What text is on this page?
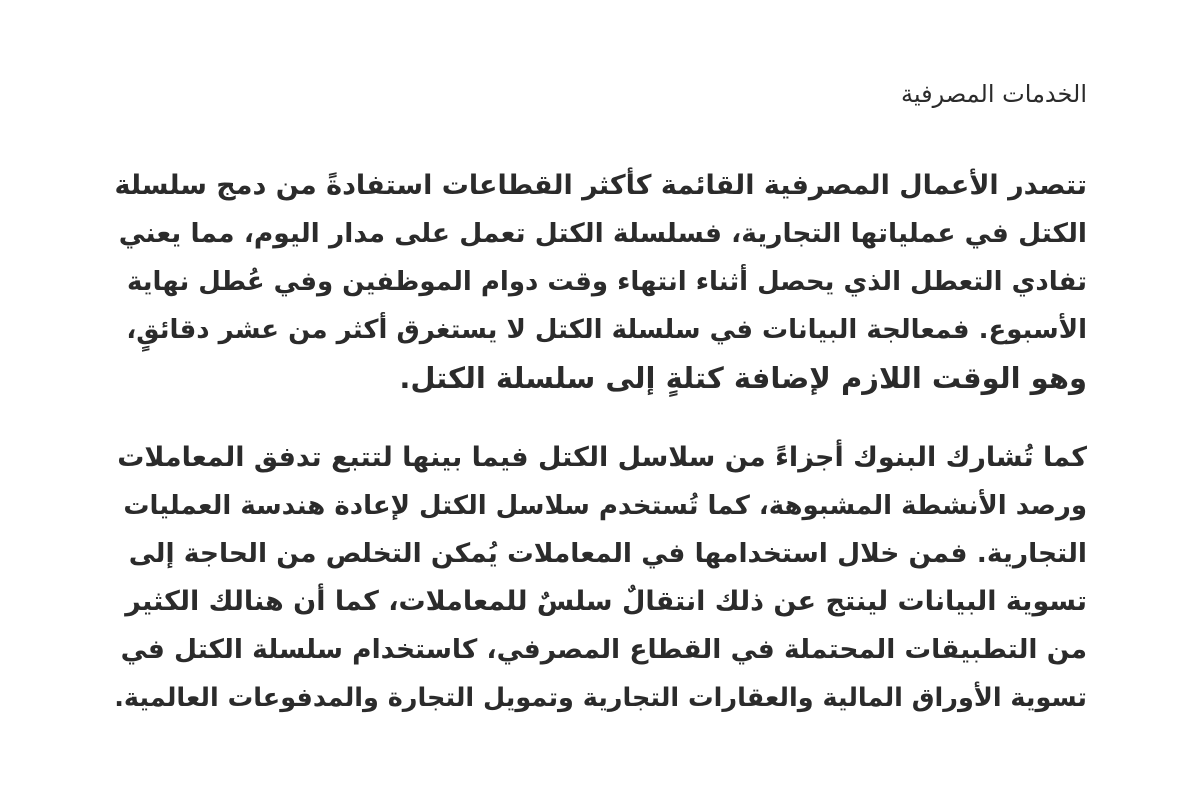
الخدمات المصرفية

تتصدر الأعمال المصرفية القائمة كأكثر القطاعات استفادةً من دمج سلسلة
الكتل في عملياتها التجارية، فسلسلة الكتل تعمل على مدار اليوم، مما يعني
تفادي التعطل الذي يحصل أثناء انتهاء وقت دوام الموظفين وفي عُطل نهاية
الأسبوع. فمعالجة البيانات في سلسلة الكتل لا يستغرق أكثر من عشر دقائقٍ،
وهو الوقت اللازم لإضافة كتلةٍ إلى سلسلة الكتل.

كما تُشارك البنوك أجزاءً من سلاسل الكتل فيما بينها لتتبع تدفق المعاملات
ورصد الأنشطة المشبوهة، كما تُستخدم سلاسل الكتل لإعادة هندسة العمليات
التجارية. فمن خلال استخدامها في المعاملات يُمكن التخلص من الحاجة إلى
تسوية البيانات لينتج عن ذلك انتقالٌ سلسٌ للمعاملات، كما أن هنالك الكثير
من التطبيقات المحتملة في القطاع المصرفي، كاستخدام سلسلة الكتل في
تسوية الأوراق المالية والعقارات التجارية وتمويل التجارة والمدفوعات العالمية.
